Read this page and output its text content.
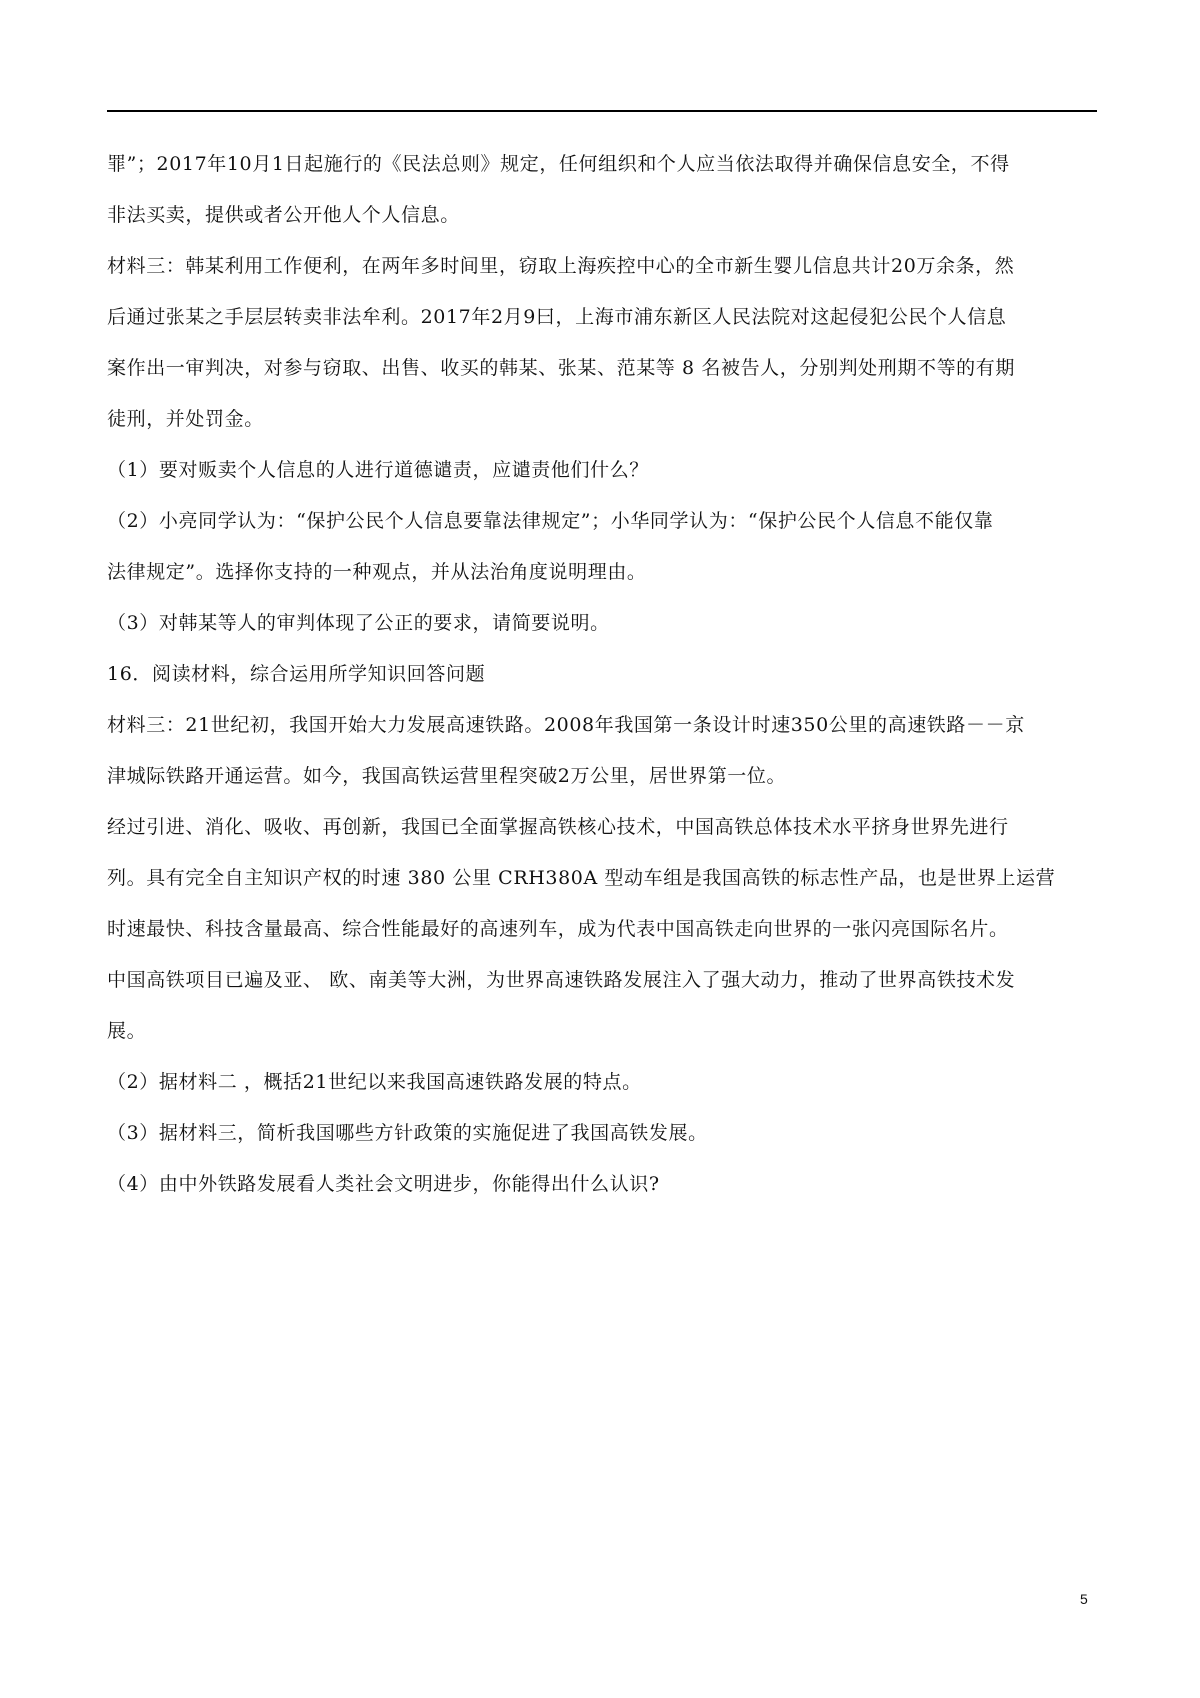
罪”；2017年10月1日起施行的《民法总则》规定，任何组织和个人应当依法取得并确保信息安全，不得
非法买卖，提供或者公开他人个人信息。
材料三：韩某利用工作便利，在两年多时间里，窃取上海疾控中心的全市新生婴儿信息共计20万余条，然
后通过张某之手层层转卖非法牟利。2017年2月9曰，上海市浦东新区人民法院对这起侵犯公民个人信息
案作出一审判决，对参与窃取、出售、收买的韩某、张某、范某等 8 名被告人，分别判处刑期不等的有期
徒刑，并处罚金。
（1）要对贩卖个人信息的人进行道德谴责，应谴责他们什么？
（2）小亮同学认为：“保护公民个人信息要靠法律规定”；小华同学认为：“保护公民个人信息不能仅靠
法律规定”。选择你支持的一种观点，并从法治角度说明理由。
（3）对韩某等人的审判体现了公正的要求，请简要说明。
16．阅读材料，综合运用所学知识回答问题
材料三：21世纪初，我国开始大力发展高速铁路。2008年我国第一条设计时速350公里的高速铁路－－京
津城际铁路开通运营。如今，我国高铁运营里程突破2万公里，居世界第一位。
经过引进、消化、吸收、再创新，我国已全面掌握高铁核心技术，中国高铁总体技术水平挤身世界先进行
列。具有完全自主知识产权的时速 380 公里 CRH380A 型动车组是我国高铁的标志性产品，也是世界上运营
时速最快、科技含量最高、综合性能最好的高速列车，成为代表中国高铁走向世界的一张闪亮国际名片。
中国高铁项目已遍及亚、 欧、南美等大洲，为世界高速铁路发展注入了强大动力，推动了世界高铁技术发
展。
（2）据材料二 ，概括21世纪以来我国高速铁路发展的特点。
（3）据材料三，简析我国哪些方针政策的实施促进了我国高铁发展。
（4）由中外铁路发展看人类社会文明进步，你能得出什么认识?
5
